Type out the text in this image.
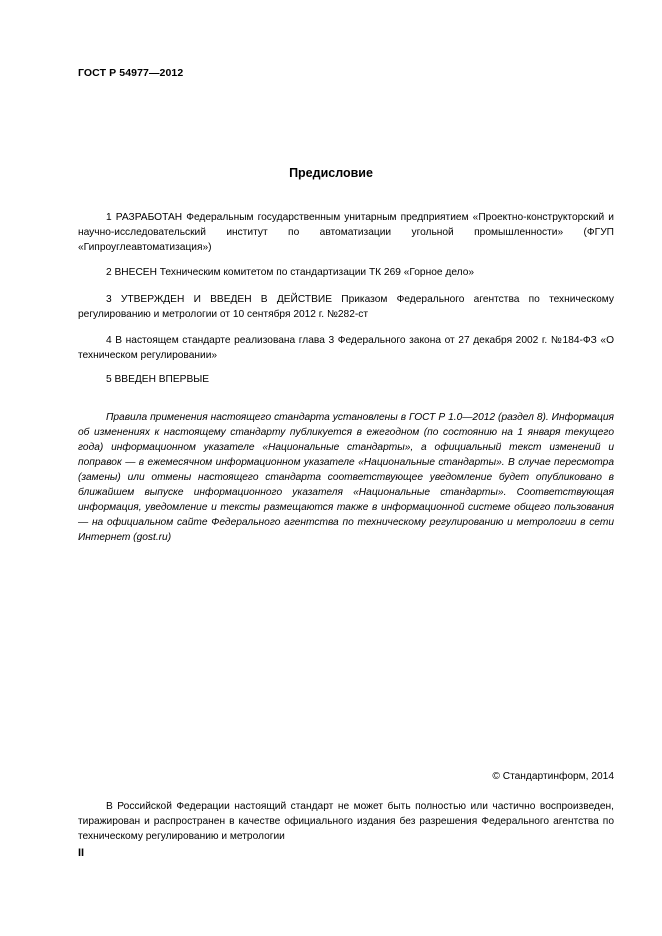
ГОСТ Р 54977—2012
Предисловие

1 РАЗРАБОТАН Федеральным государственным унитарным предприятием «Проектно-конструкторский и научно-исследовательский институт по автоматизации угольной промышленности» (ФГУП «Гипроуглеавтоматизация»)

2 ВНЕСЕН Техническим комитетом по стандартизации ТК 269 «Горное дело»

3 УТВЕРЖДЕН И ВВЕДЕН В ДЕЙСТВИЕ Приказом Федерального агентства по техническому регулированию и метрологии от 10 сентября 2012 г. №282-ст

4 В настоящем стандарте реализована глава 3 Федерального закона от 27 декабря 2002 г. №184-ФЗ «О техническом регулировании»

5 ВВЕДЕН ВПЕРВЫЕ

Правила применения настоящего стандарта установлены в ГОСТ Р 1.0—2012 (раздел 8). Информация об изменениях к настоящему стандарту публикуется в ежегодном (по состоянию на 1 января текущего года) информационном указателе «Национальные стандарты», а официальный текст изменений и поправок — в ежемесячном информационном указателе «Национальные стандарты». В случае пересмотра (замены) или отмены настоящего стандарта соответствующее уведомление будет опубликовано в ближайшем выпуске информационного указателя «Национальные стандарты». Соответствующая информация, уведомление и тексты размещаются также в информационной системе общего пользования — на официальном сайте Федерального агентства по техническому регулированию и метрологии в сети Интернет (gost.ru)

© Стандартинформ, 2014

В Российской Федерации настоящий стандарт не может быть полностью или частично воспроизведен, тиражирован и распространен в качестве официального издания без разрешения Федерального агентства по техническому регулированию и метрологии

II
